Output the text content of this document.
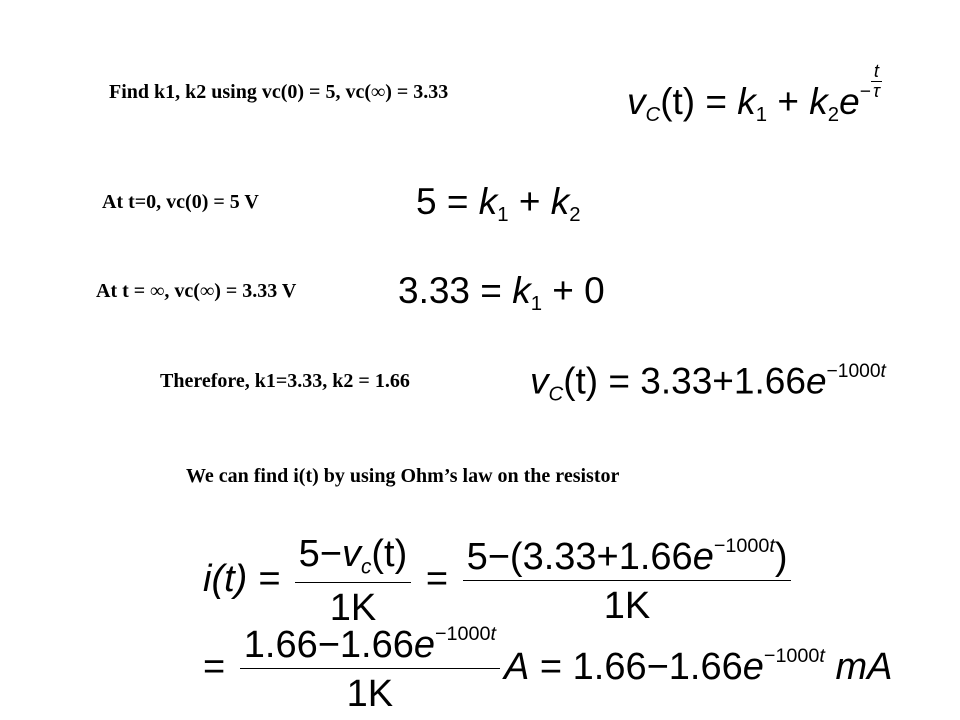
Find k1, k2 using vc(0) = 5, vc(∞) = 3.33
At t=0, vc(0) = 5 V
At t = ∞, vc(∞) = 3.33 V
Therefore, k1=3.33, k2 = 1.66
We can find i(t) by using Ohm’s law on the resistor
$v_C(t) = k_1 + k_2e^- \frac{t}{\tau}$
$5 = k_1 + k_2$
$3.33 = k_1 + 0$
$v_C(t) = 3.33+1.66e^{-1000t}$
$i(t) = \frac{5-v_c(t)}{1K} = \frac{5-(3.33+1.66e^{-1000t})}{1K}$
= $\frac{1.66-1.66e^{-1000t}}{1K}$ $A = 1.66-1.66e^{-1000t}$ mA
